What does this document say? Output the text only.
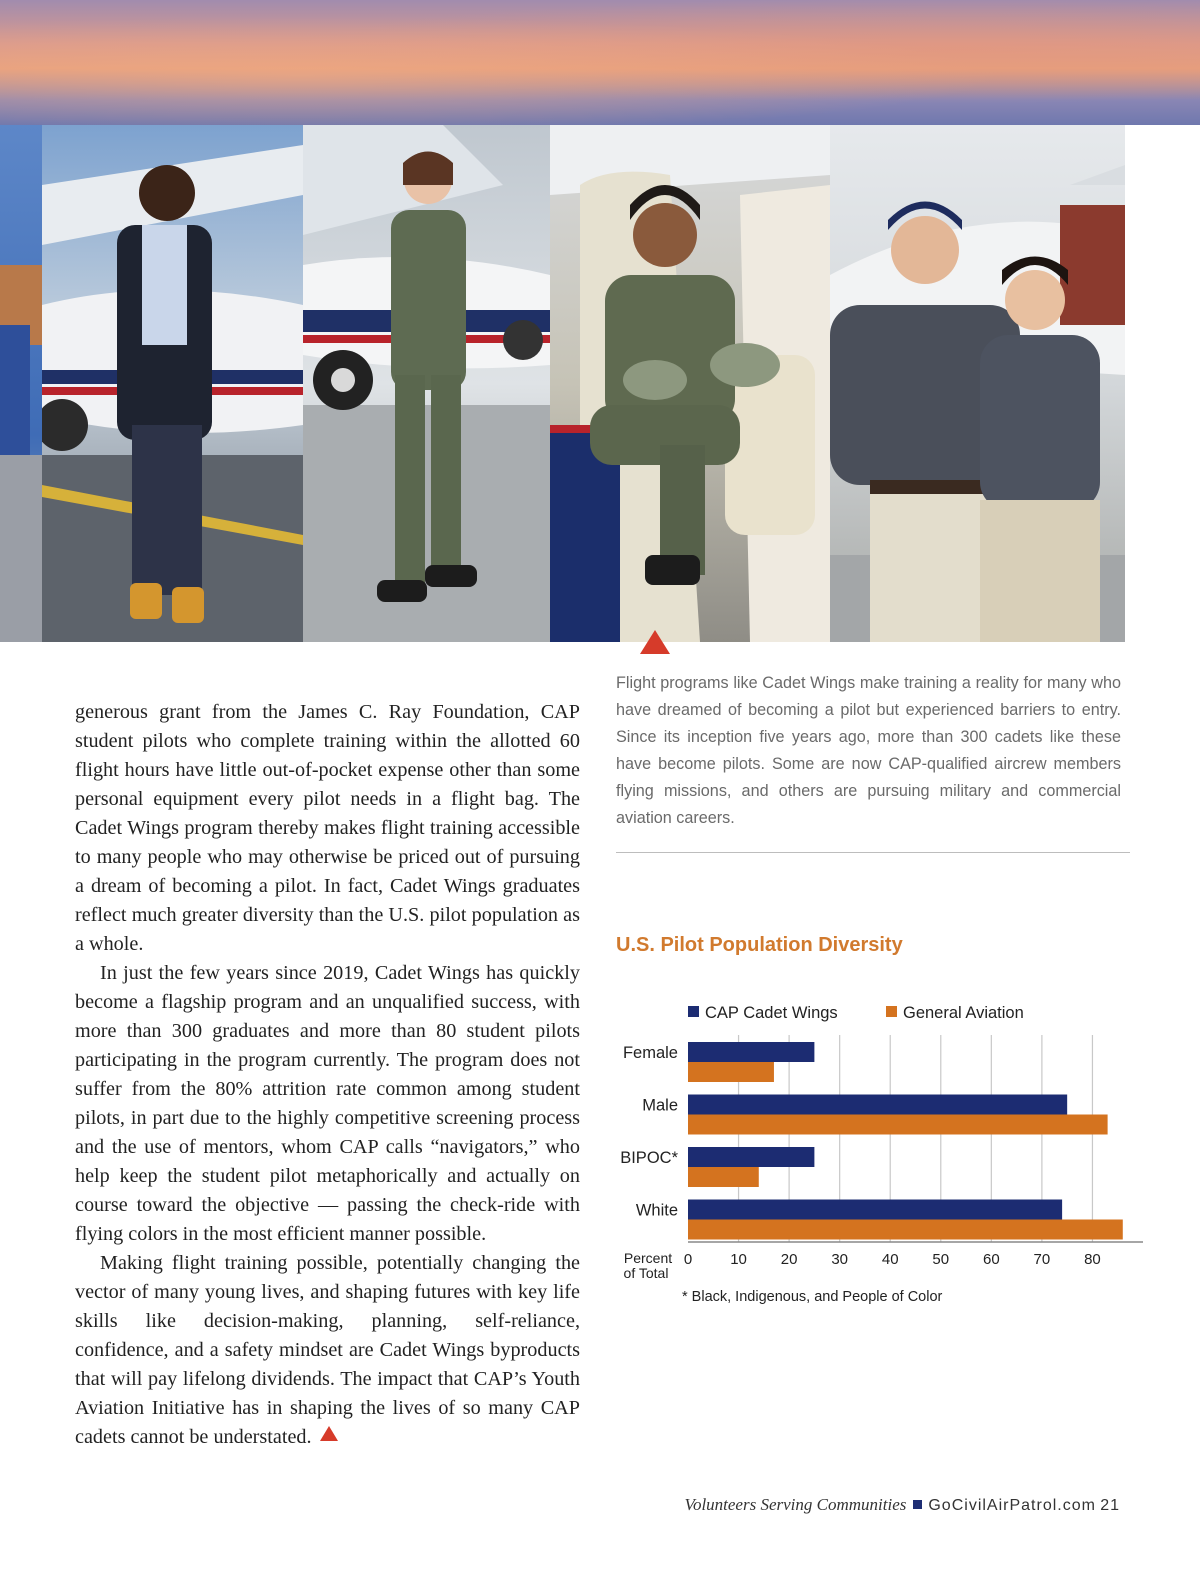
generous grant from the James C. Ray Foundation, CAP student pilots who complete training within the allotted 60 flight hours have little out-of-pocket expense other than some personal equipment every pilot needs in a flight bag. The Cadet Wings program thereby makes flight training accessible to many people who may otherwise be priced out of pursuing a dream of becoming a pilot. In fact, Cadet Wings graduates reflect much greater diversity than the U.S. pilot population as a whole.

In just the few years since 2019, Cadet Wings has quickly become a flagship program and an unqualified success, with more than 300 graduates and more than 80 student pilots participating in the program currently. The program does not suffer from the 80% attrition rate common among student pilots, in part due to the highly competitive screening process and the use of mentors, whom CAP calls “navigators,” who help keep the student pilot metaphorically and actually on course toward the objective — passing the check-ride with flying colors in the most efficient manner possible.

Making flight training possible, potentially changing the vector of many young lives, and shaping futures with key life skills like decision-making, planning, self-reliance, confidence, and a safety mindset are Cadet Wings byproducts that will pay lifelong dividends. The impact that CAP’s Youth Aviation Initiative has in shaping the lives of so many CAP cadets cannot be understated.

Flight programs like Cadet Wings make training a reality for many who have dreamed of becoming a pilot but experienced barriers to entry. Since its inception five years ago, more than 300 cadets like these have become pilots. Some are now CAP-qualified aircrew members flying missions, and others are pursuing military and commercial aviation careers.

U.S. Pilot Population Diversity
CAP Cadet Wings	General Aviation
Female
Male
BIPOC*
White
0	10 20 30 40 50 60 70 80
Percent
of Total
* Black, Indigenous, and People of Color
Volunteers Serving Communities GoCivilAirPatrol.com 21
